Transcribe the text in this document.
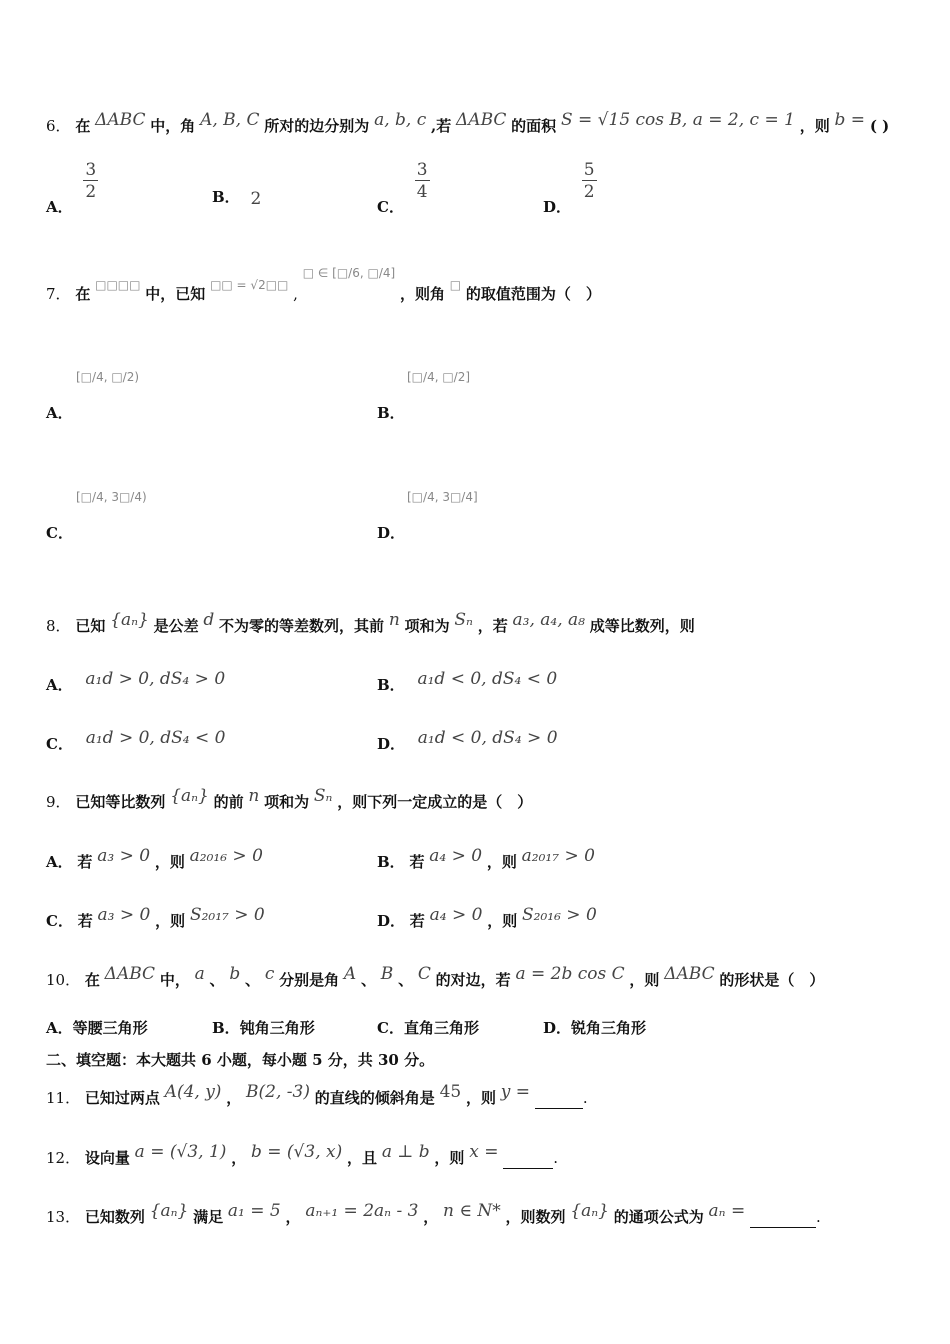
6． 在 ΔABC 中，角 A, B, C 所对的边分别为 a, b, c ,若 ΔABC 的面积 S = √15 cos B, a = 2, c = 1 ，则 b = ( )
A．
$\frac{3}{2}$	B． 2	C．
$\frac{3}{4}$
D．
$\frac{5}{2}$
7． 在 □□□□ 中，已知 □□ = √2□□ , □ ∈ [□/6, □/4] ，则角 □ 的取值范围为（　）
[□/4, □/2)
A．
[□/4, □/2]
B．
[□/4, 3□/4)
C．
[□/4, 3□/4]
D．
8． 已知 {aₙ} 是公差 d 不为零的等差数列，其前 n 项和为 Sₙ ，若 a₃, a₄, a₈ 成等比数列，则
A． a₁d > 0, dS₄ > 0	B． a₁d < 0, dS₄ < 0
C． a₁d > 0, dS₄ < 0	D． a₁d < 0, dS₄ > 0
9． 已知等比数列 {aₙ} 的前 n 项和为 Sₙ ，则下列一定成立的是（　）
A． 若 a₃ > 0 ，则 a₂₀₁₆ > 0	B． 若 a₄ > 0 ，则 a₂₀₁₇ > 0
C． 若 a₃ > 0 ，则 S₂₀₁₇ > 0	D． 若 a₄ > 0 ，则 S₂₀₁₆ > 0
10． 在 ΔABC 中， a 、 b 、 c 分别是角 A 、 B 、 C 的对边，若 a = 2b cos C ，则 ΔABC 的形状是（　）
A．等腰三角形	B．钝角三角形	C．直角三角形	D．锐角三角形
二、填空题：本大题共 6 小题，每小题 5 分，共 30 分。
11． 已知过两点 A(4, y) ， B(2, -3) 的直线的倾斜角是 45 ，则 y =	.
12． 设向量 a = (√3, 1) ， b = (√3, x) ，且 a ⊥ b ，则 x =	.
13． 已知数列 {aₙ} 满足 a₁ = 5 ， aₙ₊₁ = 2aₙ - 3 ， n ∈ N* ，则数列 {aₙ} 的通项公式为 aₙ =	.
